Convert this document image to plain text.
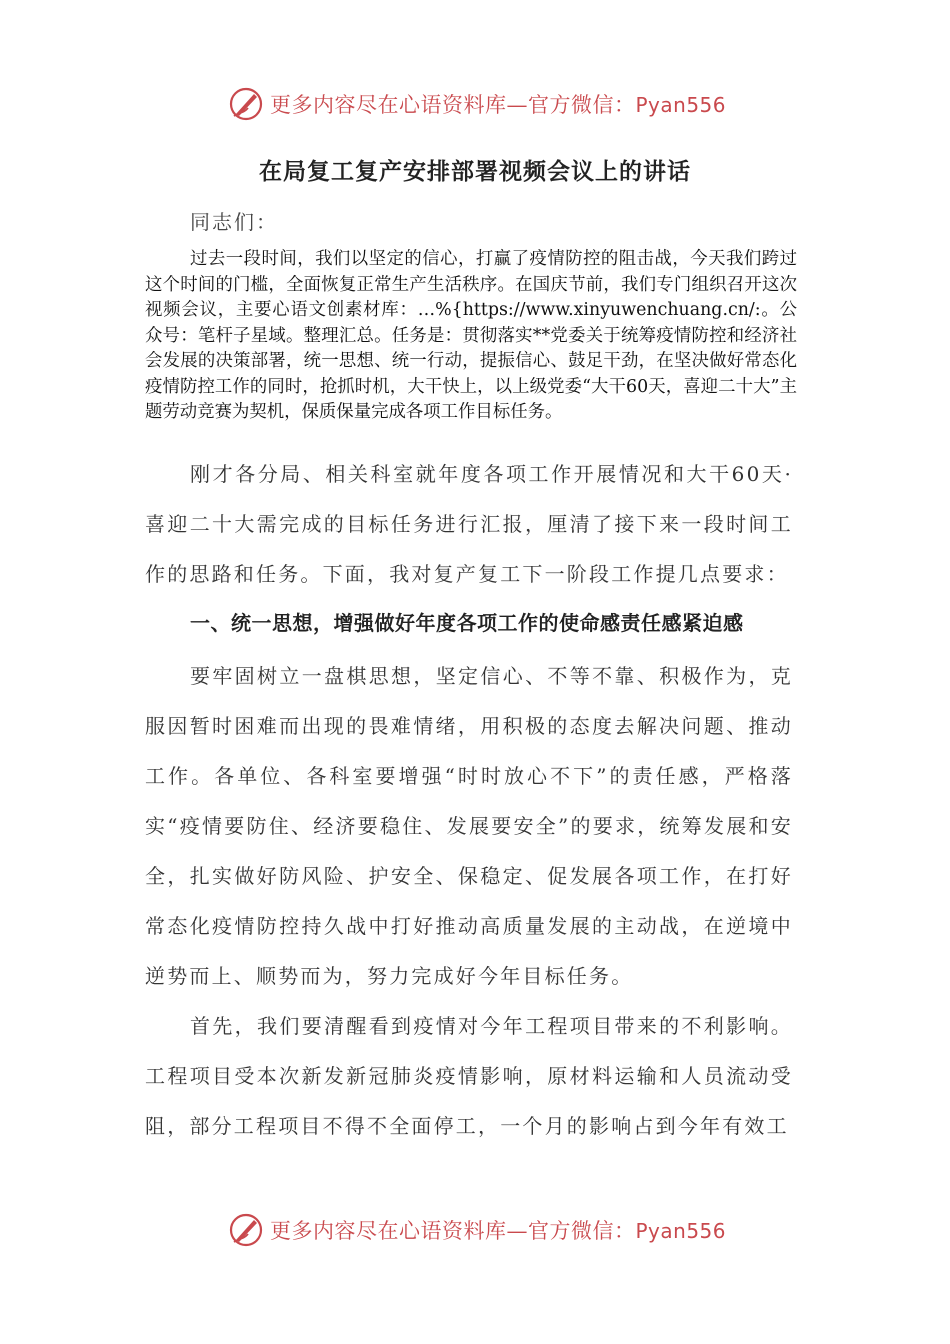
更多内容尽在心语资料库—官方微信：Pyan556
在局复工复产安排部署视频会议上的讲话
同志们：

过去一段时间，我们以坚定的信心，打赢了疫情防控的阻击战，今天我们跨过这个时间的门槛，全面恢复正常生产生活秩序。在国庆节前，我们专门组织召开这次视频会议，主要心语文创素材库：…%{https://www.xinyuwenchuang.cn/:。公众号：笔杆子星域。整理汇总。任务是：贯彻落实**党委关于统筹疫情防控和经济社会发展的决策部署，统一思想、统一行动，提振信心、鼓足干劲，在坚决做好常态化疫情防控工作的同时，抢抓时机，大干快上，以上级党委“大干60天，喜迎二十大”主题劳动竞赛为契机，保质保量完成各项工作目标任务。

刚才各分局、相关科室就年度各项工作开展情况和大干60天·喜迎二十大需完成的目标任务进行汇报，厘清了接下来一段时间工作的思路和任务。下面，我对复产复工下一阶段工作提几点要求：

一、统一思想，增强做好年度各项工作的使命感责任感紧迫感

要牢固树立一盘棋思想，坚定信心、不等不靠、积极作为，克服因暂时困难而出现的畏难情绪，用积极的态度去解决问题、推动工作。各单位、各科室要增强“时时放心不下”的责任感，严格落实“疫情要防住、经济要稳住、发展要安全”的要求，统筹发展和安全，扎实做好防风险、护安全、保稳定、促发展各项工作，在打好常态化疫情防控持久战中打好推动高质量发展的主动战，在逆境中逆势而上、顺势而为，努力完成好今年目标任务。

首先，我们要清醒看到疫情对今年工程项目带来的不利影响。工程项目受本次新发新冠肺炎疫情影响，原材料运输和人员流动受阻，部分工程项目不得不全面停工，一个月的影响占到今年有效工

更多内容尽在心语资料库—官方微信：Pyan556
